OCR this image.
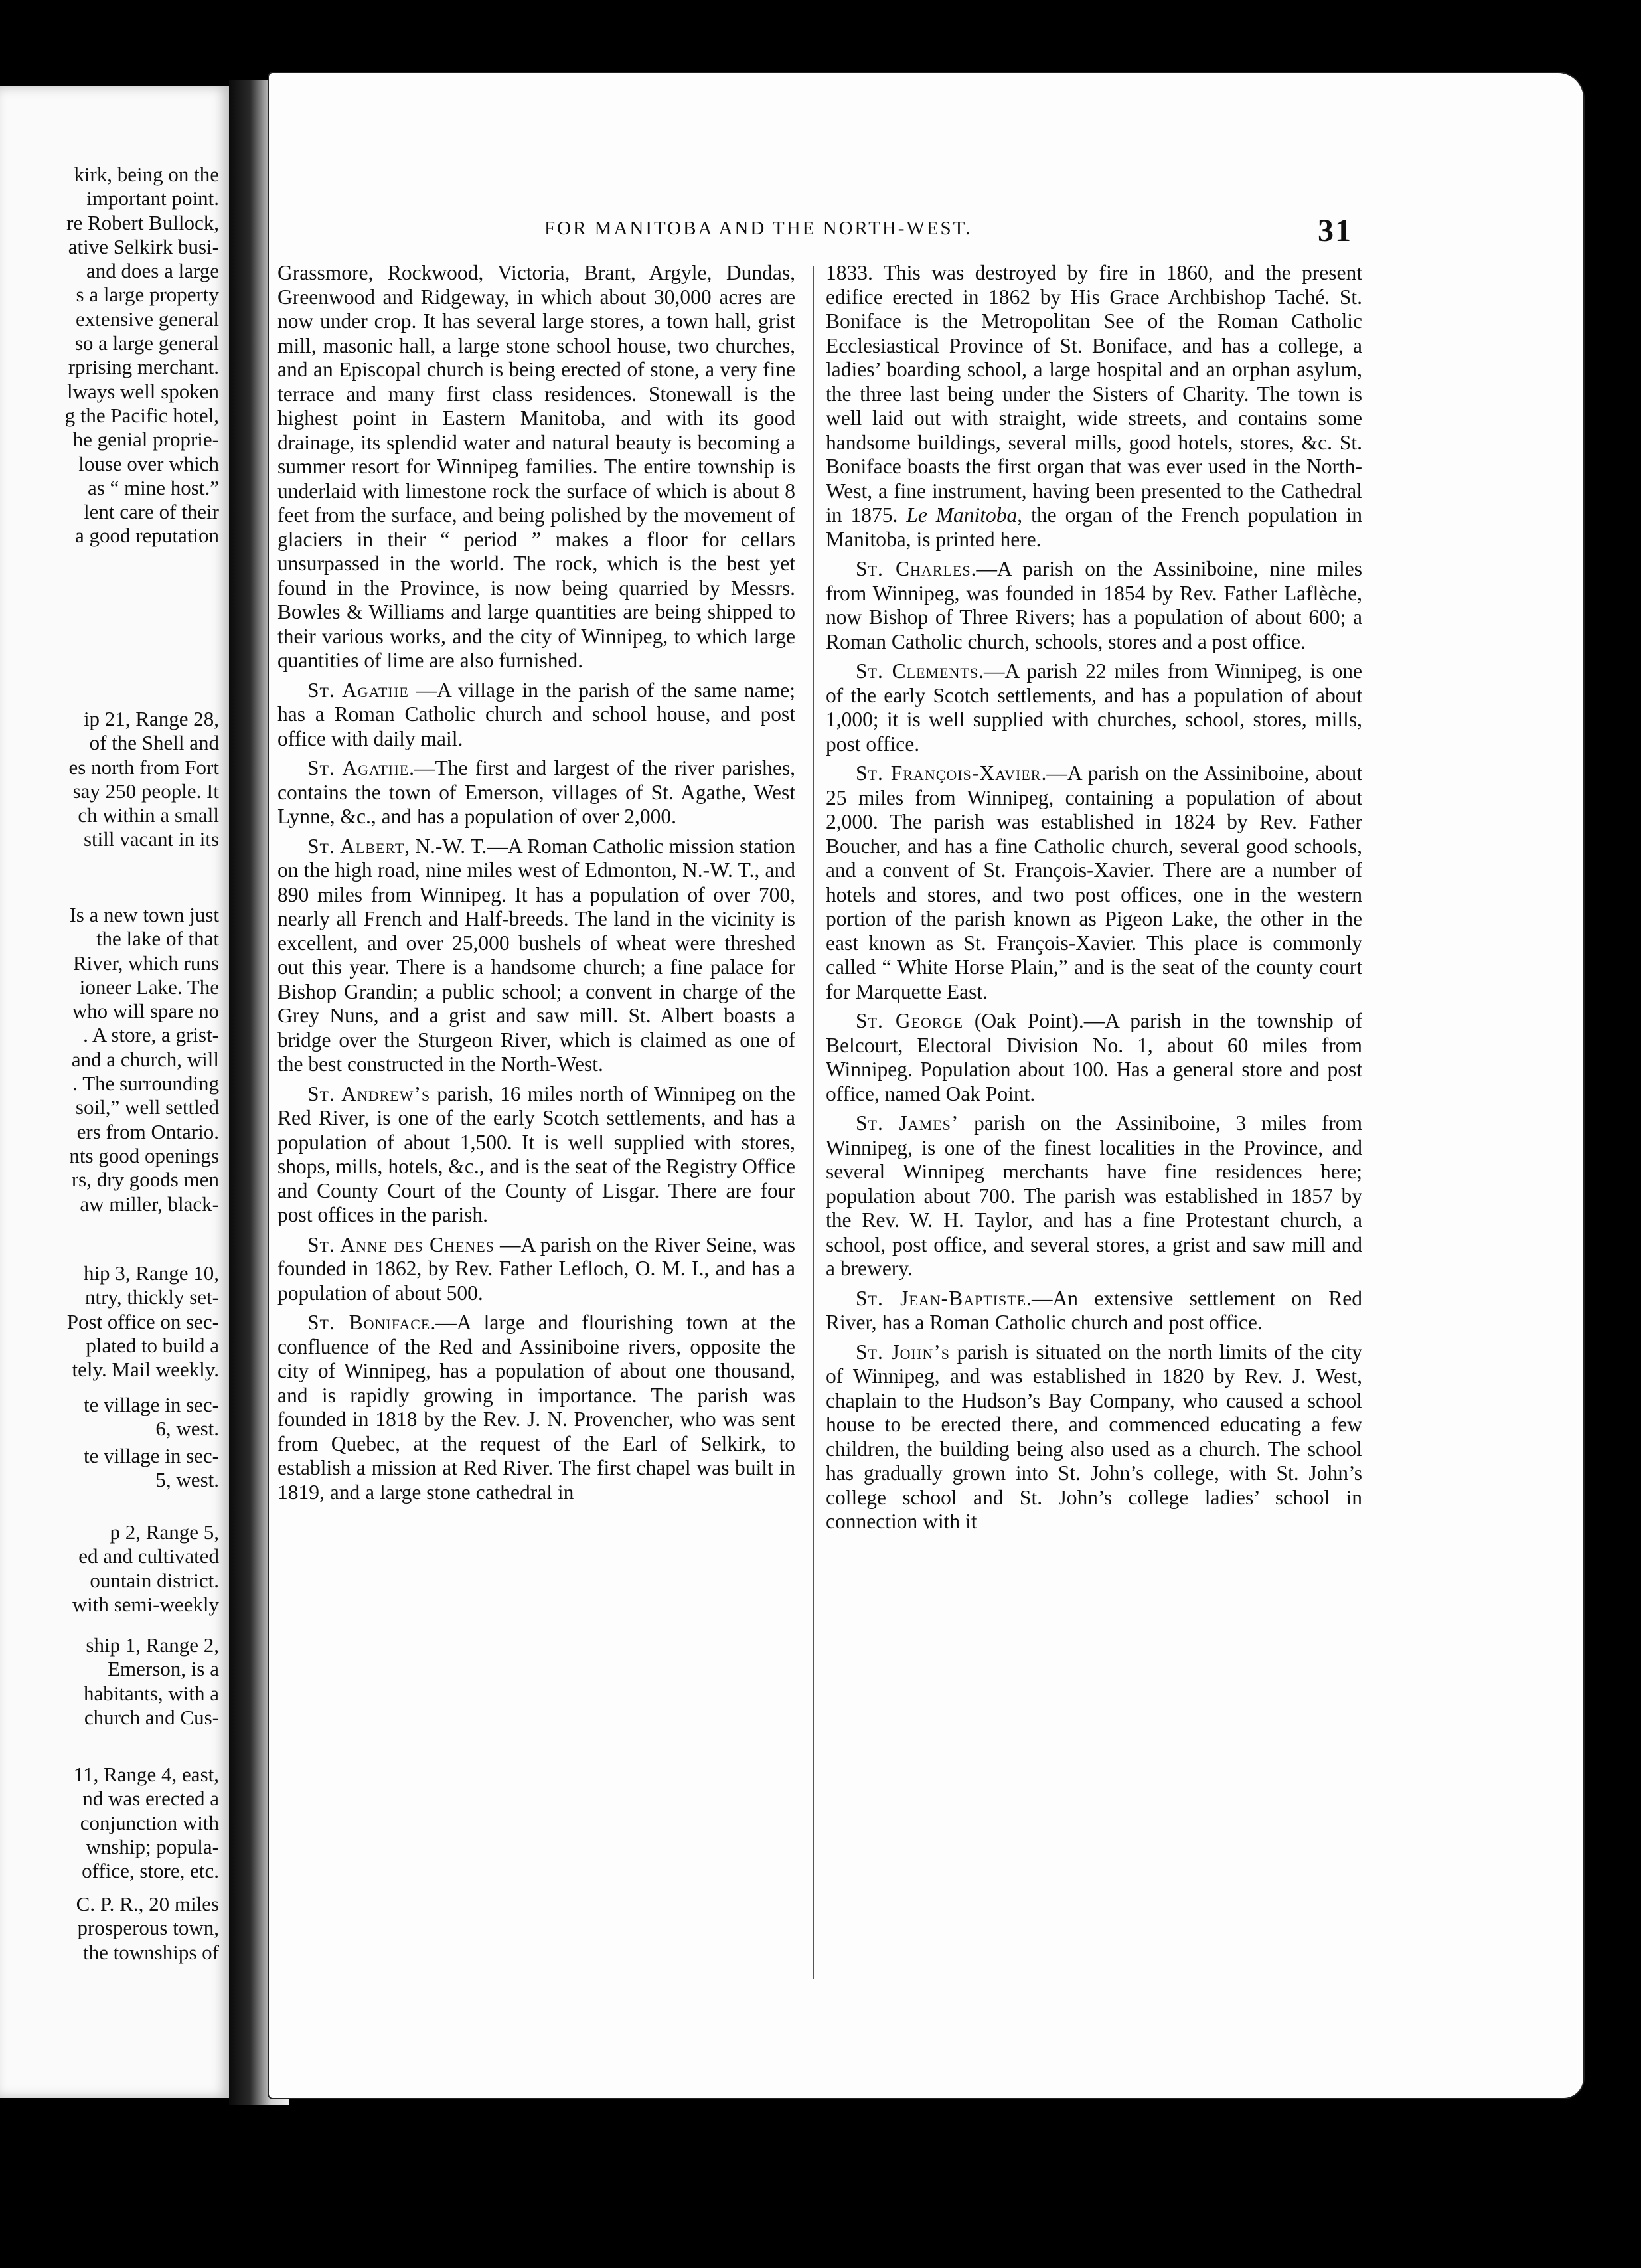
kirk, being on the
important point.
re Robert Bullock,
ative Selkirk busi-
and does a large
s a large property
extensive general
so a large general
rprising merchant.
lways well spoken
g the Pacific hotel,
he genial proprie-
louse over which
as “ mine host.”
lent care of their
a good reputation
ip 21, Range 28,
of the Shell and
es north from Fort
say 250 people. It
ch within a small
still vacant in its
Is a new town just
the lake of that
River, which runs
ioneer Lake. The
who will spare no
. A store, a grist-
and a church, will
. The surrounding
soil,” well settled
ers from Ontario.
nts good openings
rs, dry goods men
aw miller, black-
hip 3, Range 10,
ntry, thickly set-
Post office on sec-
plated to build a
tely. Mail weekly.
te village in sec-
6, west.
te village in sec-
5, west.
p 2, Range 5,
ed and cultivated
ountain district.
with semi-weekly
ship 1, Range 2,
Emerson, is a
habitants, with a
church and Cus-
11, Range 4, east,
nd was erected a
conjunction with
wnship; popula-
office, store, etc.
C. P. R., 20 miles
prosperous town,
the townships of
FOR MANITOBA AND THE NORTH-WEST.	31

Grassmore, Rockwood, Victoria, Brant, Argyle, Dundas, Greenwood and Ridgeway, in which about 30,000 acres are now under crop. It has several large stores, a town hall, grist mill, masonic hall, a large stone school house, two churches, and an Episcopal church is being erected of stone, a very fine terrace and many first class residences. Stonewall is the highest point in Eastern Manitoba, and with its good drainage, its splendid water and natural beauty is becoming a summer resort for Winnipeg families. The entire township is underlaid with limestone rock the surface of which is about 8 feet from the surface, and being polished by the movement of glaciers in their “ period ” makes a floor for cellars unsurpassed in the world. The rock, which is the best yet found in the Province, is now being quarried by Messrs. Bowles & Williams and large quantities are being shipped to their various works, and the city of Winnipeg, to which large quantities of lime are also furnished.

St. Agathe —A village in the parish of the same name; has a Roman Catholic church and school house, and post office with daily mail.

St. Agathe.—The first and largest of the river parishes, contains the town of Emerson, villages of St. Agathe, West Lynne, &c., and has a population of over 2,000.

St. Albert, N.-W. T.—A Roman Catholic mission station on the high road, nine miles west of Edmonton, N.-W. T., and 890 miles from Winnipeg. It has a population of over 700, nearly all French and Half-breeds. The land in the vicinity is excellent, and over 25,000 bushels of wheat were threshed out this year. There is a handsome church; a fine palace for Bishop Grandin; a public school; a convent in charge of the Grey Nuns, and a grist and saw mill. St. Albert boasts a bridge over the Sturgeon River, which is claimed as one of the best constructed in the North-West.

St. Andrew’s parish, 16 miles north of Winnipeg on the Red River, is one of the early Scotch settlements, and has a population of about 1,500. It is well supplied with stores, shops, mills, hotels, &c., and is the seat of the Registry Office and County Court of the County of Lisgar. There are four post offices in the parish.

St. Anne des Chenes —A parish on the River Seine, was founded in 1862, by Rev. Father Lefloch, O. M. I., and has a population of about 500.

St. Boniface.—A large and flourishing town at the confluence of the Red and Assiniboine rivers, opposite the city of Winnipeg, has a population of about one thousand, and is rapidly growing in importance. The parish was founded in 1818 by the Rev. J. N. Provencher, who was sent from Quebec, at the request of the Earl of Selkirk, to establish a mission at Red River. The first chapel was built in 1819, and a large stone cathedral in

1833. This was destroyed by fire in 1860, and the present edifice erected in 1862 by His Grace Archbishop Taché. St. Boniface is the Metropolitan See of the Roman Catholic Ecclesiastical Province of St. Boniface, and has a college, a ladies’ boarding school, a large hospital and an orphan asylum, the three last being under the Sisters of Charity. The town is well laid out with straight, wide streets, and contains some handsome buildings, several mills, good hotels, stores, &c. St. Boniface boasts the first organ that was ever used in the North-West, a fine instrument, having been presented to the Cathedral in 1875. Le Manitoba, the organ of the French population in Manitoba, is printed here.

St. Charles.—A parish on the Assiniboine, nine miles from Winnipeg, was founded in 1854 by Rev. Father Laflèche, now Bishop of Three Rivers; has a population of about 600; a Roman Catholic church, schools, stores and a post office.

St. Clements.—A parish 22 miles from Winnipeg, is one of the early Scotch settlements, and has a population of about 1,000; it is well supplied with churches, school, stores, mills, post office.

St. François-Xavier.—A parish on the Assiniboine, about 25 miles from Winnipeg, containing a population of about 2,000. The parish was established in 1824 by Rev. Father Boucher, and has a fine Catholic church, several good schools, and a convent of St. François-Xavier. There are a number of hotels and stores, and two post offices, one in the western portion of the parish known as Pigeon Lake, the other in the east known as St. François-Xavier. This place is commonly called “ White Horse Plain,” and is the seat of the county court for Marquette East.

St. George (Oak Point).—A parish in the township of Belcourt, Electoral Division No. 1, about 60 miles from Winnipeg. Population about 100. Has a general store and post office, named Oak Point.

St. James’ parish on the Assiniboine, 3 miles from Winnipeg, is one of the finest localities in the Province, and several Winnipeg merchants have fine residences here; population about 700. The parish was established in 1857 by the Rev. W. H. Taylor, and has a fine Protestant church, a school, post office, and several stores, a grist and saw mill and a brewery.

St. Jean-Baptiste.—An extensive settlement on Red River, has a Roman Catholic church and post office.

St. John’s parish is situated on the north limits of the city of Winnipeg, and was established in 1820 by Rev. J. West, chaplain to the Hudson’s Bay Company, who caused a school house to be erected there, and commenced educating a few children, the building being also used as a church. The school has gradually grown into St. John’s college, with St. John’s college school and St. John’s college ladies’ school in connection with it
